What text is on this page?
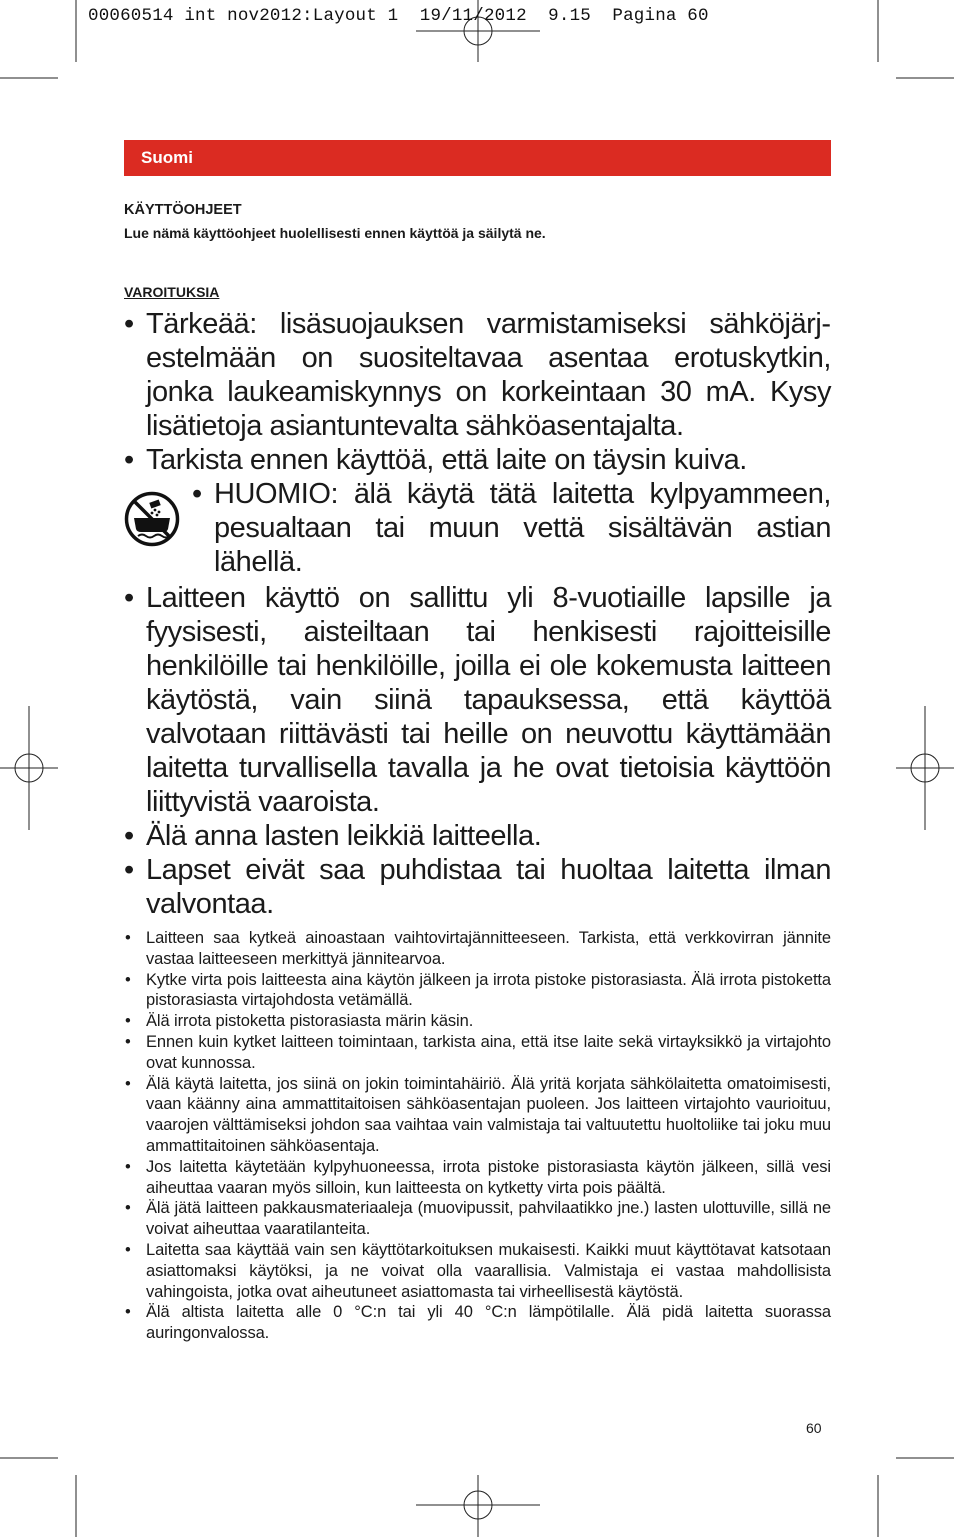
00060514 int nov2012:Layout 1  19/11/2012  9.15  Pagina 60
Suomi
KÄYTTÖOHJEET
Lue nämä käyttöohjeet huolellisesti ennen käyttöä ja säilytä ne.
VAROITUKSIA
• Tärkeää: lisäsuojauksen varmistamiseksi sähköjärjestelmään on suositeltavaa asentaa erotuskytkin, jonka laukeamiskynnys on korkeintaan 30 mA. Kysy lisätietoja asiantuntevalta sähköasentajalta.
• Tarkista ennen käyttöä, että laite on täysin kuiva.
• HUOMIO: älä käytä tätä laitetta kylpyammeen, pesualtaan tai muun vettä sisältävän astian lähellä.
• Laitteen käyttö on sallittu yli 8-vuotiaille lapsille ja fyysisesti, aisteiltaan tai henkisesti rajoitteisille henkilöille tai henkilöille, joilla ei ole kokemusta laitteen käytöstä, vain siinä tapauksessa, että käyttöä valvotaan riittävästi tai heille on neuvottu käyttämään laitetta turvallisella tavalla ja he ovat tietoisia käyttöön liittyvistä vaaroista.
• Älä anna lasten leikkiä laitteella.
• Lapset eivät saa puhdistaa tai huoltaa laitetta ilman valvontaa.
• Laitteen saa kytkeä ainoastaan vaihtovirtajännitteeseen. Tarkista, että verkkovirran jännite vastaa laitteeseen merkittyä jännitearvoa.
• Kytke virta pois laitteesta aina käytön jälkeen ja irrota pistoke pistorasiasta. Älä irrota pistoketta pistorasiasta virtajohdosta vetämällä.
• Älä irrota pistoketta pistorasiasta märin käsin.
• Ennen kuin kytket laitteen toimintaan, tarkista aina, että itse laite sekä virtayksikkö ja virtajohto ovat kunnossa.
• Älä käytä laitetta, jos siinä on jokin toimintahäiriö. Älä yritä korjata sähkölaitetta omatoimisesti, vaan käänny aina ammattitaitoisen sähköasentajan puoleen. Jos laitteen virtajohto vaurioituu, vaarojen välttämiseksi johdon saa vaihtaa vain valmistaja tai valtuutettu huoltoliike tai joku muu ammattitaitoinen sähköasentaja.
• Jos laitetta käytetään kylpyhuoneessa, irrota pistoke pistorasiasta käytön jälkeen, sillä vesi aiheuttaa vaaran myös silloin, kun laitteesta on kytketty virta pois päältä.
• Älä jätä laitteen pakkausmateriaaleja (muovipussit, pahvilaatikko jne.) lasten ulottuville, sillä ne voivat aiheuttaa vaaratilanteita.
• Laitetta saa käyttää vain sen käyttötarkoituksen mukaisesti. Kaikki muut käyttötavat katsotaan asiattomaksi käytöksi, ja ne voivat olla vaarallisia. Valmistaja ei vastaa mahdollisista vahingoista, jotka ovat aiheutuneet asiattomasta tai virheellisestä käytöstä.
• Älä altista laitetta alle 0 °C:n tai yli 40 °C:n lämpötilalle. Älä pidä laitetta suorassa auringonvalossa.
60
